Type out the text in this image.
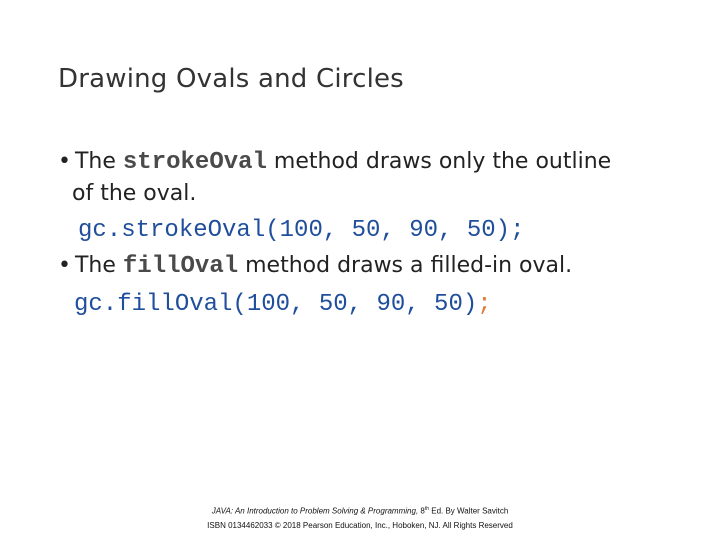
Drawing Ovals and Circles
• The strokeOval method draws only the outline
of the oval.
gc.strokeOval(100, 50, 90, 50);
• The fillOval method draws a filled-in oval.
gc.fillOval(100, 50, 90, 50);
JAVA: An Introduction to Problem Solving & Programming, 8th Ed. By Walter Savitch
ISBN 0134462033 © 2018 Pearson Education, Inc., Hoboken, NJ. All Rights Reserved
